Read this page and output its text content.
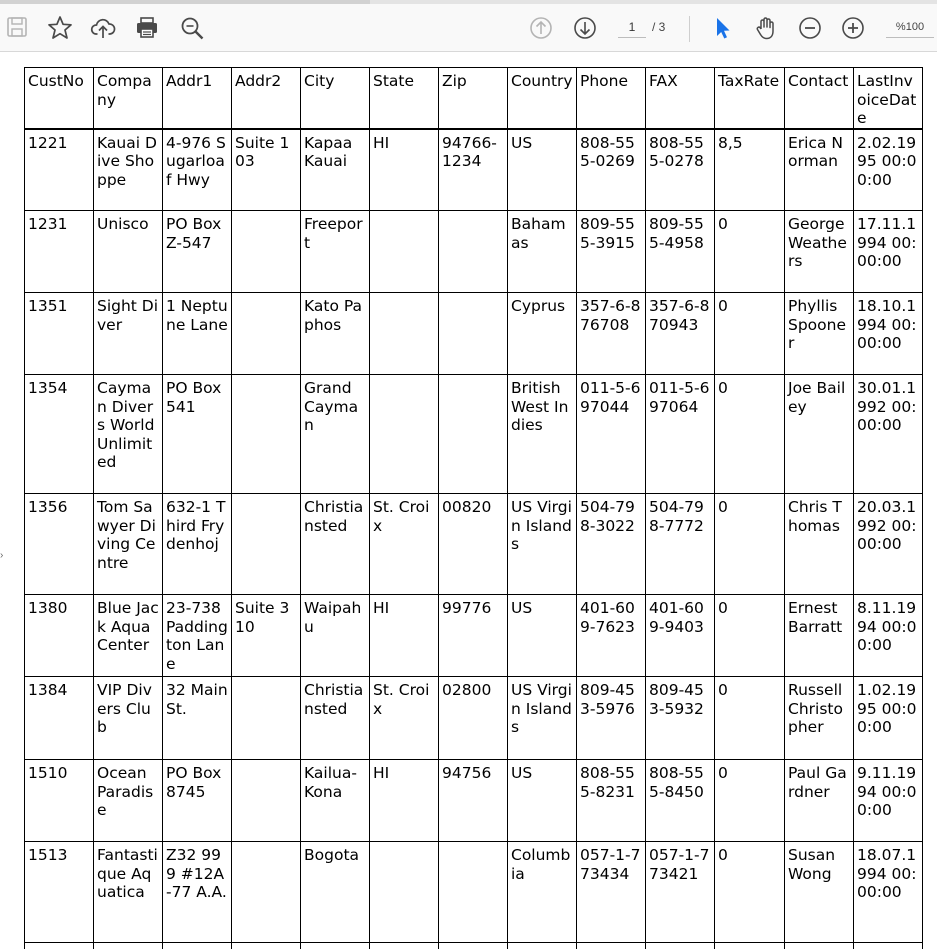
1
/ 3	%100
›
CustNo	Company	Addr1	Addr2	City	State	Zip	Country	Phone	FAX	TaxRate	Contact	LastInvoiceDate
1221	Kauai Dive Shoppe	4-976 Sugarloaf Hwy	Suite 103	Kapaa Kauai	HI	94766-1234	US	808-555-0269	808-555-0278	8,5	Erica Norman	2.02.1995 00:00:00
1231	Unisco	PO Box Z-547		Freeport			Bahamas	809-555-3915	809-555-4958	0	George Weathers	17.11.1994 00:00:00
1351	Sight Diver	1 Neptune Lane		Kato Paphos			Cyprus	357-6-876708	357-6-870943	0	Phyllis Spooner	18.10.1994 00:00:00
1354	Cayman Divers World Unlimited	PO Box 541		Grand Cayman			British West Indies	011-5-697044	011-5-697064	0	Joe Bailey	30.01.1992 00:00:00
1356	Tom Sawyer Diving Centre	632-1 Third Frydenhoj		Christiansted	St. Croix	00820	US Virgin Islands	504-798-3022	504-798-7772	0	Chris Thomas	20.03.1992 00:00:00
1380	Blue Jack Aqua Center	23-738 Paddington Lane	Suite 310	Waipahu	HI	99776	US	401-609-7623	401-609-9403	0	Ernest Barratt	8.11.1994 00:00:00
1384	VIP Divers Club	32 Main St.		Christiansted	St. Croix	02800	US Virgin Islands	809-453-5976	809-453-5932	0	Russell Christopher	1.02.1995 00:00:00
1510	Ocean Paradise	PO Box 8745		Kailua-Kona	HI	94756	US	808-555-8231	808-555-8450	0	Paul Gardner	9.11.1994 00:00:00
1513	Fantastique Aquatica	Z32 999 #12A-77 A.A.		Bogota			Columbia	057-1-773434	057-1-773421	0	Susan Wong	18.07.1994 00:00:00
